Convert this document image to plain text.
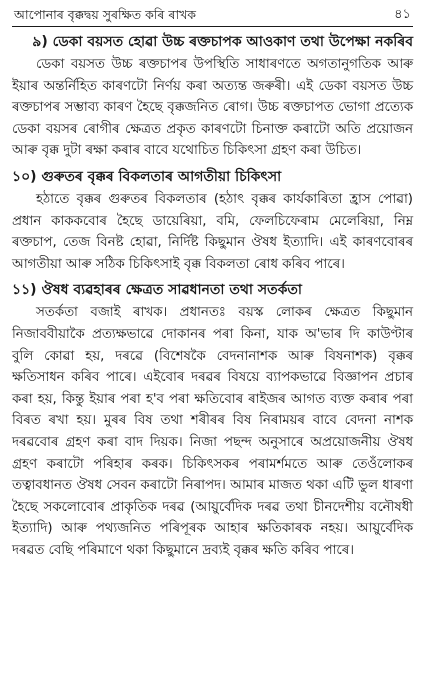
আপোনাৰ বৃক্কদ্বয় সুৰক্ষিত কৰি ৰাখক	৪১
৯) ডেকা বয়সত হোৱা উচ্চ ৰক্তচাপক আওকাণ তথা উপেক্ষা নকৰিব

ডেকা বয়সত উচ্চ ৰক্তচাপৰ উপস্থিতি সাধাৰণতে অগতানুগতিক আৰু ইয়াৰ অন্তৰ্নিহিত কাৰণটো নিৰ্ণয় কৰা অত্যন্ত জৰুৰী। এই ডেকা বয়সত উচ্চ ৰক্তচাপৰ সম্ভাব্য কাৰণ হৈছে বৃক্কজনিত ৰোগ। উচ্চ ৰক্তচাপত ভোগা প্ৰত্যেক ডেকা বয়সৰ ৰোগীৰ ক্ষেত্ৰত প্ৰকৃত কাৰণটো চিনাক্ত কৰাটো অতি প্ৰয়োজন আৰু বৃক্ক দুটা ৰক্ষা কৰাৰ বাবে যথোচিত চিকিৎসা গ্ৰহণ কৰা উচিত।

১০) গুৰুতৰ বৃক্কৰ বিকলতাৰ আগতীয়া চিকিৎসা

হঠাতে বৃক্কৰ গুৰুতৰ বিকলতাৰ (হঠাৎ বৃক্কৰ কাৰ্যকাৰিতা হ্ৰাস পোৱা) প্ৰধান কাককবোৰ হৈছে ডায়েৰিয়া, বমি, ফেলচিফেৰাম মেলেৰিয়া, নিম্ন ৰক্তচাপ, তেজ বিনষ্ট হোৱা, নিৰ্দিষ্ট কিছুমান ঔষধ ইত্যাদি। এই কাৰণবোৰৰ আগতীয়া আৰু সঠিক চিকিৎসাই বৃক্ক বিকলতা ৰোধ কৰিব পাৰে।

১১) ঔষধ ব্যৱহাৰৰ ক্ষেত্ৰত সাৱধানতা তথা সতৰ্কতা

সতৰ্কতা বজাই ৰাখক। প্ৰধানতঃ বয়স্ক লোকৰ ক্ষেত্ৰত কিছুমান নিজাববীয়াকৈ প্ৰত্যক্ষভাৱে দোকানৰ পৰা কিনা, যাক অ'ভাৰ দি কাউণ্টাৰ বুলি কোৱা হয়, দৰৱে (বিশেষকৈ বেদনানাশক আৰু বিষনাশক) বৃক্কৰ ক্ষতিসাধন কৰিব পাৰে। এইবোৰ দৰৱৰ বিষয়ে ব্যাপকভাৱে বিজ্ঞাপন প্ৰচাৰ কৰা হয়, কিন্তু ইয়াৰ পৰা হ'ব পৰা ক্ষতিবোৰ ৰাইজৰ আগত ব্যক্ত কৰাৰ পৰা বিৰত ৰখা হয়। মুৰৰ বিষ তথা শৰীৰৰ বিষ নিৰাময়ৰ বাবে বেদনা নাশক দৰৱবোৰ গ্ৰহণ কৰা বাদ দিয়ক। নিজা পছন্দ অনুসাৰে অপ্ৰয়োজনীয় ঔষধ গ্ৰহণ কৰাটো পৰিহাৰ কৰক। চিকিৎসকৰ পৰামৰ্শমতে আৰু তেওঁলোকৰ তত্বাবধানত ঔষধ সেবন কৰাটো নিৰাপদ। আমাৰ মাজত থকা এটি ভুল ধাৰণা হৈছে সকলোবোৰ প্ৰাকৃতিক দৰৱ (আয়ুৰ্বেদিক দৰৱ তথা চীনদেশীয় বনৌষধী ইত্যাদি) আৰু পথ্যজনিত পৰিপূৰক আহাৰ ক্ষতিকাৰক নহয়। আয়ুৰ্বেদিক দৰৱত বেছি পৰিমাণে থকা কিছুমানে দ্ৰব্যই বৃক্কৰ ক্ষতি কৰিব পাৰে।
